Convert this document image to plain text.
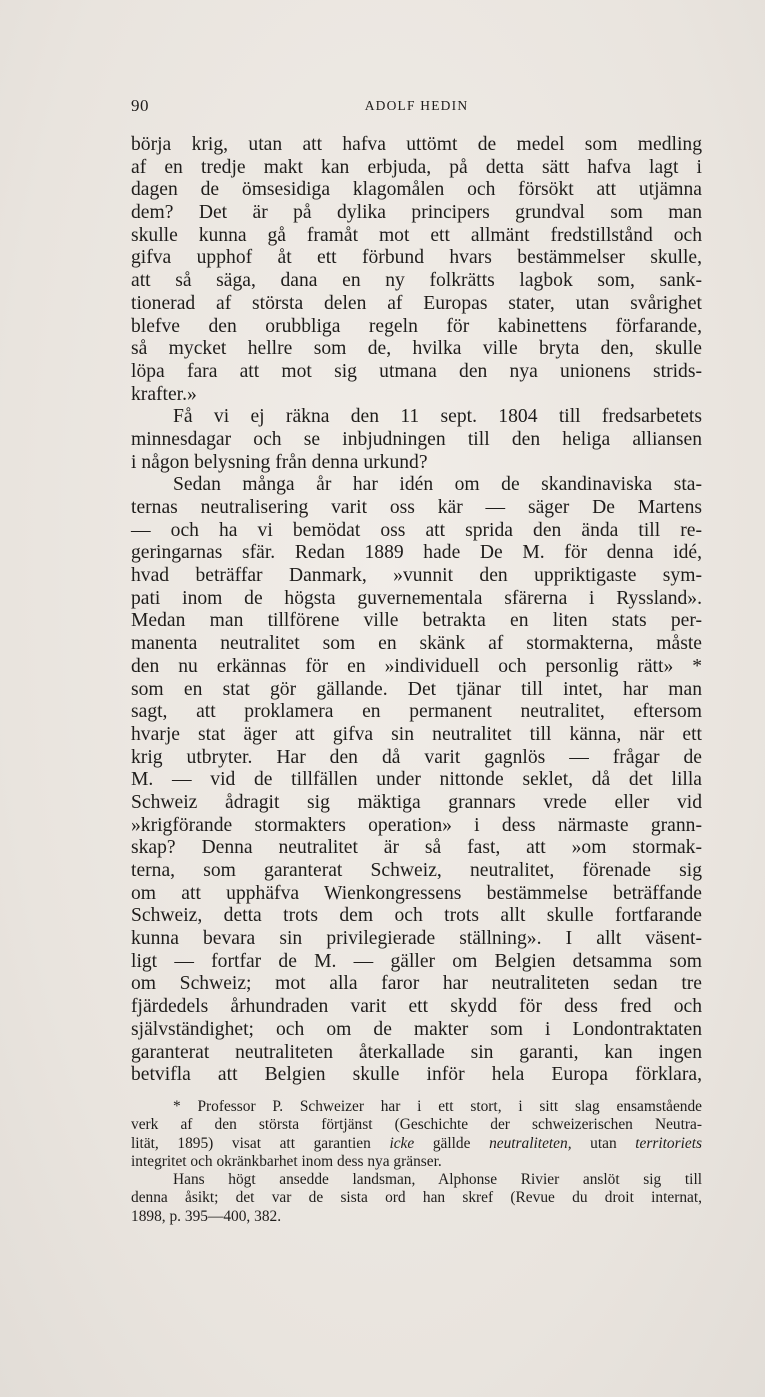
90	ADOLF HEDIN
börja krig, utan att hafva uttömt de medel som medling
af en tredje makt kan erbjuda, på detta sätt hafva lagt i
dagen de ömsesidiga klagomålen och försökt att utjämna
dem? Det är på dylika principers grundval som man
skulle kunna gå framåt mot ett allmänt fredstillstånd och
gifva upphof åt ett förbund hvars bestämmelser skulle,
att så säga, dana en ny folkrätts lagbok som, sank-
tionerad af största delen af Europas stater, utan svårighet
blefve den orubbliga regeln för kabinettens förfarande,
så mycket hellre som de, hvilka ville bryta den, skulle
löpa fara att mot sig utmana den nya unionens strids-
krafter.»
Få vi ej räkna den 11 sept. 1804 till fredsarbetets
minnesdagar och se inbjudningen till den heliga alliansen
i någon belysning från denna urkund?
Sedan många år har idén om de skandinaviska sta-
ternas neutralisering varit oss kär — säger De Martens
— och ha vi bemödat oss att sprida den ända till re-
geringarnas sfär. Redan 1889 hade De M. för denna idé,
hvad beträffar Danmark, »vunnit den uppriktigaste sym-
pati inom de högsta guvernementala sfärerna i Ryssland».
Medan man tillförene ville betrakta en liten stats per-
manenta neutralitet som en skänk af stormakterna, måste
den nu erkännas för en »individuell och personlig rätt» *
som en stat gör gällande. Det tjänar till intet, har man
sagt, att proklamera en permanent neutralitet, eftersom
hvarje stat äger att gifva sin neutralitet till känna, när ett
krig utbryter. Har den då varit gagnlös — frågar de
M. — vid de tillfällen under nittonde seklet, då det lilla
Schweiz ådragit sig mäktiga grannars vrede eller vid
»krigförande stormakters operation» i dess närmaste grann-
skap? Denna neutralitet är så fast, att »om stormak-
terna, som garanterat Schweiz, neutralitet, förenade sig
om att upphäfva Wienkongressens bestämmelse beträffande
Schweiz, detta trots dem och trots allt skulle fortfarande
kunna bevara sin privilegierade ställning». I allt väsent-
ligt — fortfar de M. — gäller om Belgien detsamma som
om Schweiz; mot alla faror har neutraliteten sedan tre
fjärdedels århundraden varit ett skydd för dess fred och
självständighet; och om de makter som i Londontraktaten
garanterat neutraliteten återkallade sin garanti, kan ingen
betvifla att Belgien skulle inför hela Europa förklara,
* Professor P. Schweizer har i ett stort, i sitt slag ensamstående
verk af den största förtjänst (Geschichte der schweizerischen Neutra-
lität, 1895) visat att garantien icke gällde neutraliteten, utan territoriets
integritet och okränkbarhet inom dess nya gränser.
Hans högt ansedde landsman, Alphonse Rivier anslöt sig till
denna åsikt; det var de sista ord han skref (Revue du droit internat,
1898, p. 395—400, 382.
